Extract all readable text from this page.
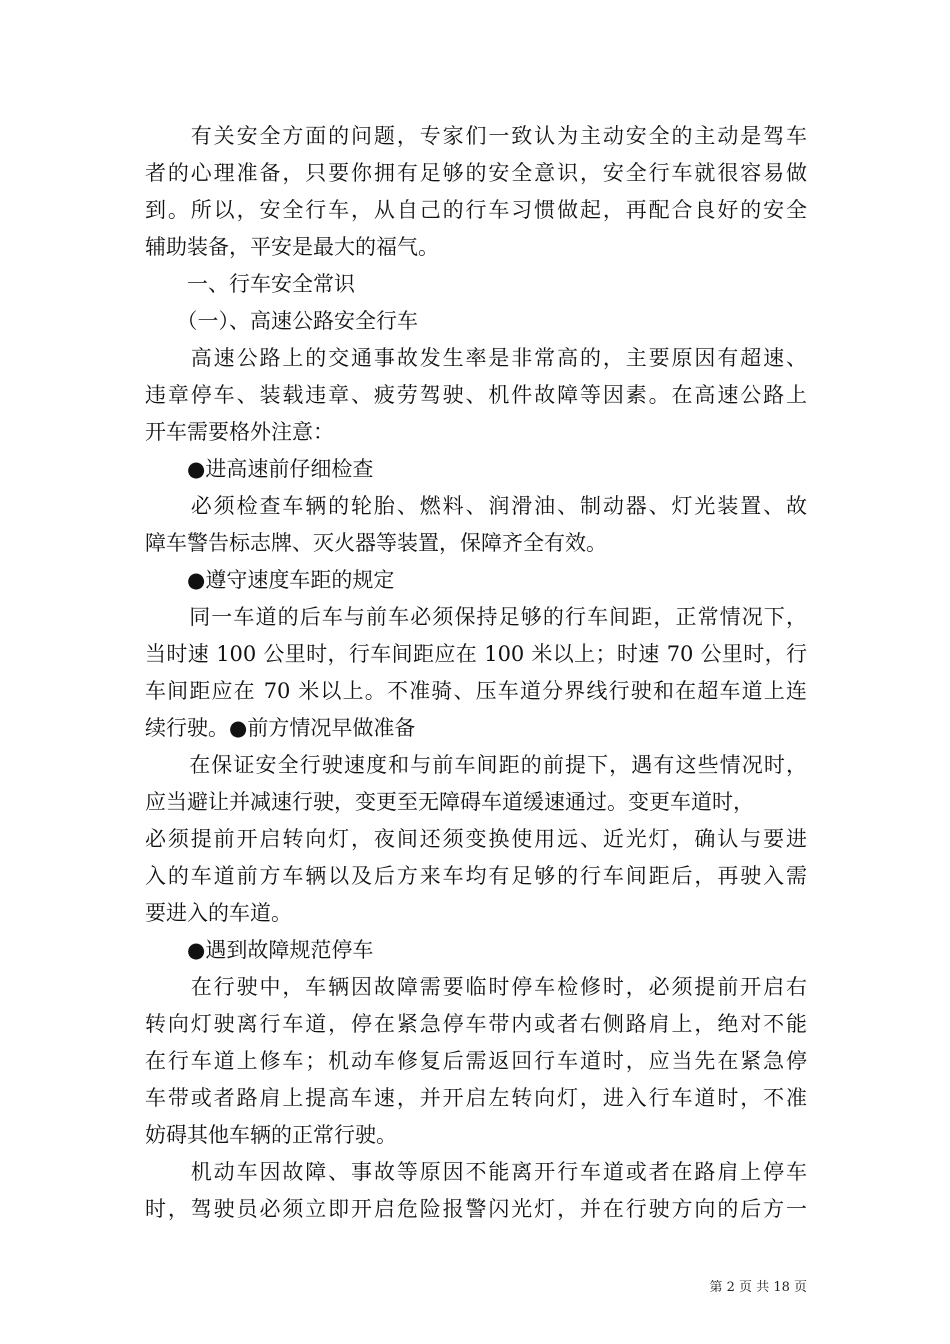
　　有关安全方面的问题，专家们一致认为主动安全的主动是驾车
者的心理准备，只要你拥有足够的安全意识，安全行车就很容易做
到。所以，安全行车，从自己的行车习惯做起，再配合良好的安全
辅助装备，平安是最大的福气。
　　一、行车安全常识
　　（一）、高速公路安全行车
　　高速公路上的交通事故发生率是非常高的，主要原因有超速、
违章停车、装载违章、疲劳驾驶、机件故障等因素。在高速公路上
开车需要格外注意：
　　●进高速前仔细检查
　　必须检查车辆的轮胎、燃料、润滑油、制动器、灯光装置、故
障车警告标志牌、灭火器等装置，保障齐全有效。
　　●遵守速度车距的规定
　　同一车道的后车与前车必须保持足够的行车间距，正常情况下，
当时速 100 公里时，行车间距应在 100 米以上；时速 70 公里时，行
车间距应在 70 米以上。不准骑、压车道分界线行驶和在超车道上连
续行驶。●前方情况早做准备
　　在保证安全行驶速度和与前车间距的前提下，遇有这些情况时，
应当避让并减速行驶，变更至无障碍车道缓速通过。变更车道时，
必须提前开启转向灯，夜间还须变换使用远、近光灯，确认与要进
入的车道前方车辆以及后方来车均有足够的行车间距后，再驶入需
要进入的车道。
　　●遇到故障规范停车
　　在行驶中，车辆因故障需要临时停车检修时，必须提前开启右
转向灯驶离行车道，停在紧急停车带内或者右侧路肩上，绝对不能
在行车道上修车；机动车修复后需返回行车道时，应当先在紧急停
车带或者路肩上提高车速，并开启左转向灯，进入行车道时，不准
妨碍其他车辆的正常行驶。
　　机动车因故障、事故等原因不能离开行车道或者在路肩上停车
时，驾驶员必须立即开启危险报警闪光灯，并在行驶方向的后方一
第 2 页 共 18 页
